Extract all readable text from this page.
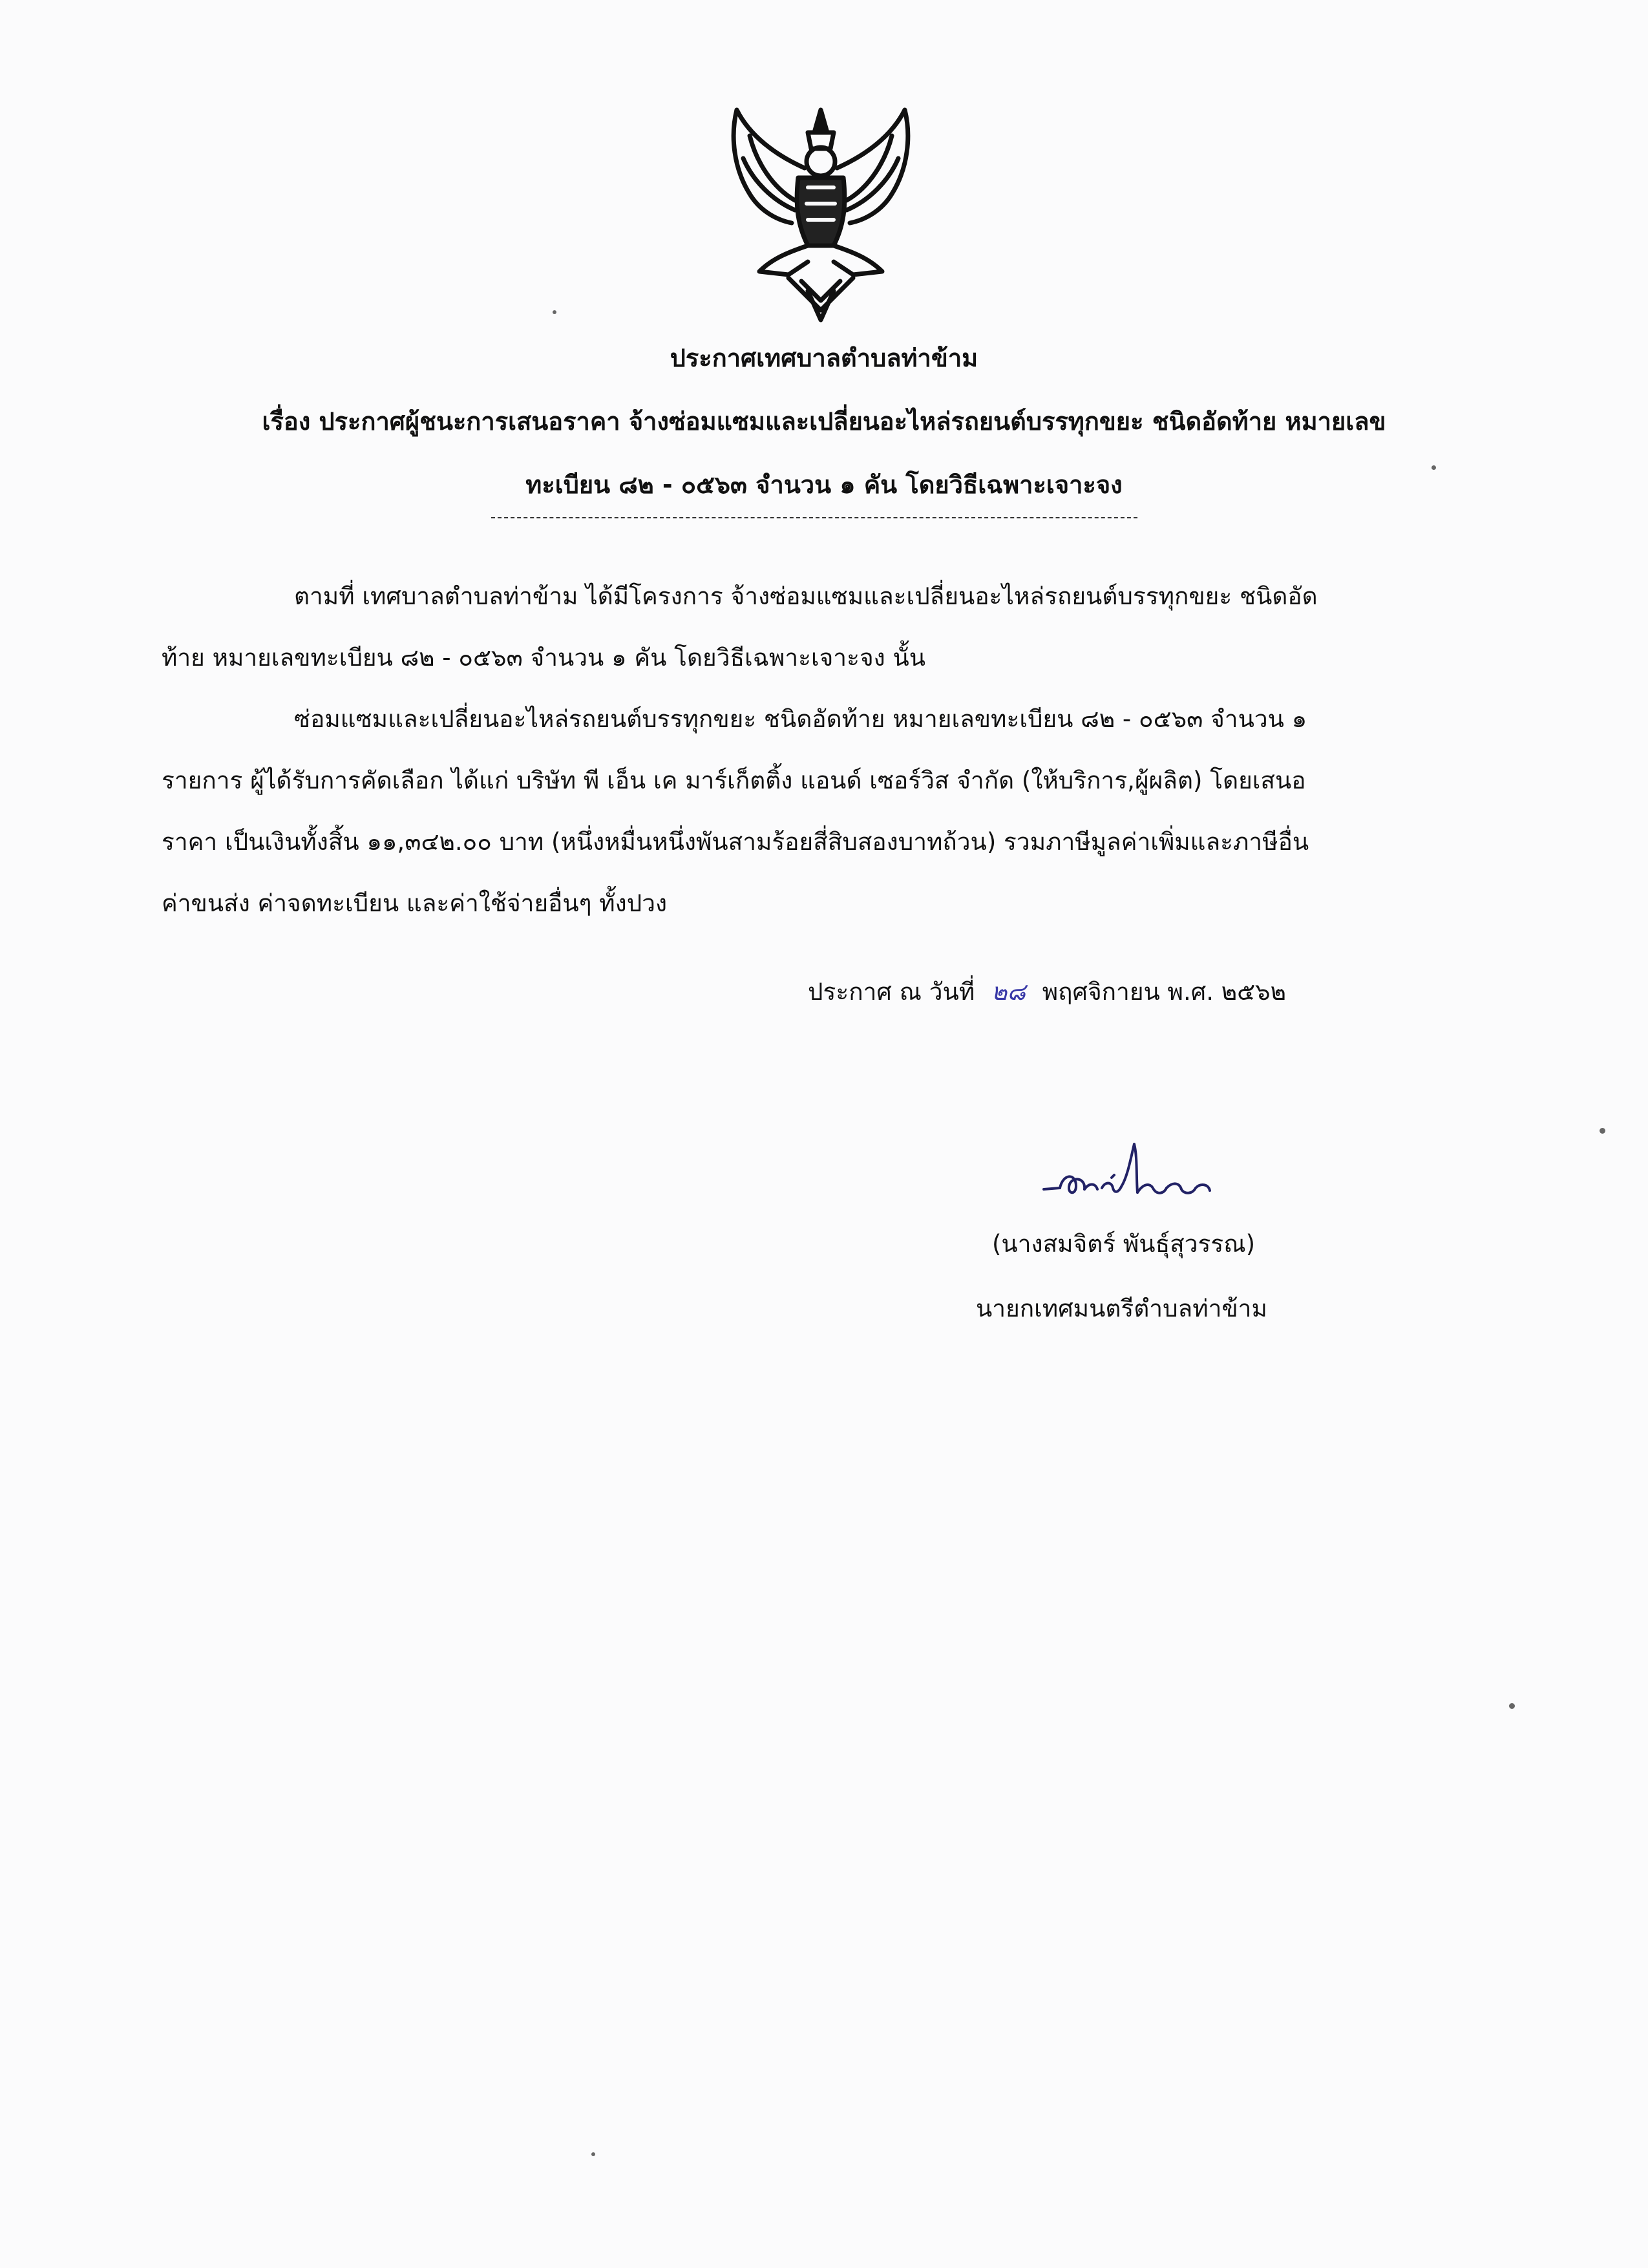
ประกาศเทศบาลตำบลท่าข้าม
เรื่อง ประกาศผู้ชนะการเสนอราคา จ้างซ่อมแซมและเปลี่ยนอะไหล่รถยนต์บรรทุกขยะ ชนิดอัดท้าย หมายเลข
ทะเบียน ๘๒ - ๐๕๖๓ จำนวน ๑ คัน โดยวิธีเฉพาะเจาะจง

ตามที่ เทศบาลตำบลท่าข้าม ได้มีโครงการ จ้างซ่อมแซมและเปลี่ยนอะไหล่รถยนต์บรรทุกขยะ ชนิดอัด
ท้าย หมายเลขทะเบียน ๘๒ - ๐๕๖๓ จำนวน ๑ คัน โดยวิธีเฉพาะเจาะจง นั้น

ซ่อมแซมและเปลี่ยนอะไหล่รถยนต์บรรทุกขยะ ชนิดอัดท้าย หมายเลขทะเบียน ๘๒ - ๐๕๖๓ จำนวน ๑
รายการ ผู้ได้รับการคัดเลือก ได้แก่ บริษัท พี เอ็น เค มาร์เก็ตติ้ง แอนด์ เซอร์วิส จำกัด (ให้บริการ,ผู้ผลิต) โดยเสนอ
ราคา เป็นเงินทั้งสิ้น ๑๑,๓๔๒.๐๐ บาท (หนึ่งหมื่นหนึ่งพันสามร้อยสี่สิบสองบาทถ้วน) รวมภาษีมูลค่าเพิ่มและภาษีอื่น
ค่าขนส่ง ค่าจดทะเบียน และค่าใช้จ่ายอื่นๆ ทั้งปวง

ประกาศ ณ วันที่ ๒๘ พฤศจิกายน พ.ศ. ๒๕๖๒
(นางสมจิตร์ พันธุ์สุวรรณ)
นายกเทศมนตรีตำบลท่าข้าม
